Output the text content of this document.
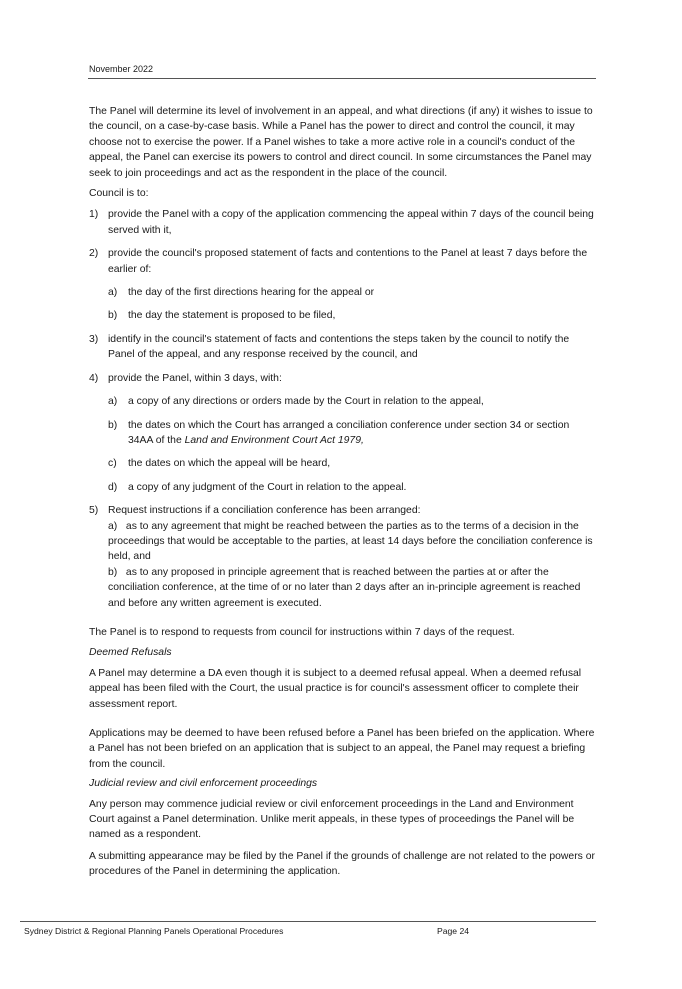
November 2022

The Panel will determine its level of involvement in an appeal, and what directions (if any) it wishes to issue to the council, on a case-by-case basis. While a Panel has the power to direct and control the council, it may choose not to exercise the power. If a Panel wishes to take a more active role in a council's conduct of the appeal, the Panel can exercise its powers to control and direct council. In some circumstances the Panel may seek to join proceedings and act as the respondent in the place of the council.

Council is to:

1) provide the Panel with a copy of the application commencing the appeal within 7 days of the council being served with it,
2) provide the council's proposed statement of facts and contentions to the Panel at least 7 days before the earlier of:
a) the day of the first directions hearing for the appeal or
b) the day the statement is proposed to be filed,
3) identify in the council's statement of facts and contentions the steps taken by the council to notify the Panel of the appeal, and any response received by the council, and
4) provide the Panel, within 3 days, with:
a) a copy of any directions or orders made by the Court in relation to the appeal,
b) the dates on which the Court has arranged a conciliation conference under section 34 or section 34AA of the Land and Environment Court Act 1979,
c) the dates on which the appeal will be heard,
d) a copy of any judgment of the Court in relation to the appeal.
5) Request instructions if a conciliation conference has been arranged:
a) as to any agreement that might be reached between the parties as to the terms of a decision in the proceedings that would be acceptable to the parties, at least 14 days before the conciliation conference is held, and
b) as to any proposed in principle agreement that is reached between the parties at or after the conciliation conference, at the time of or no later than 2 days after an in-principle agreement is reached and before any written agreement is executed.

The Panel is to respond to requests from council for instructions within 7 days of the request.

Deemed Refusals

A Panel may determine a DA even though it is subject to a deemed refusal appeal. When a deemed refusal appeal has been filed with the Court, the usual practice is for council's assessment officer to complete their assessment report.

Applications may be deemed to have been refused before a Panel has been briefed on the application. Where a Panel has not been briefed on an application that is subject to an appeal, the Panel may request a briefing from the council.

Judicial review and civil enforcement proceedings

Any person may commence judicial review or civil enforcement proceedings in the Land and Environment Court against a Panel determination. Unlike merit appeals, in these types of proceedings the Panel will be named as a respondent.

A submitting appearance may be filed by the Panel if the grounds of challenge are not related to the powers or procedures of the Panel in determining the application.

Sydney District & Regional Planning Panels Operational Procedures	Page 24
